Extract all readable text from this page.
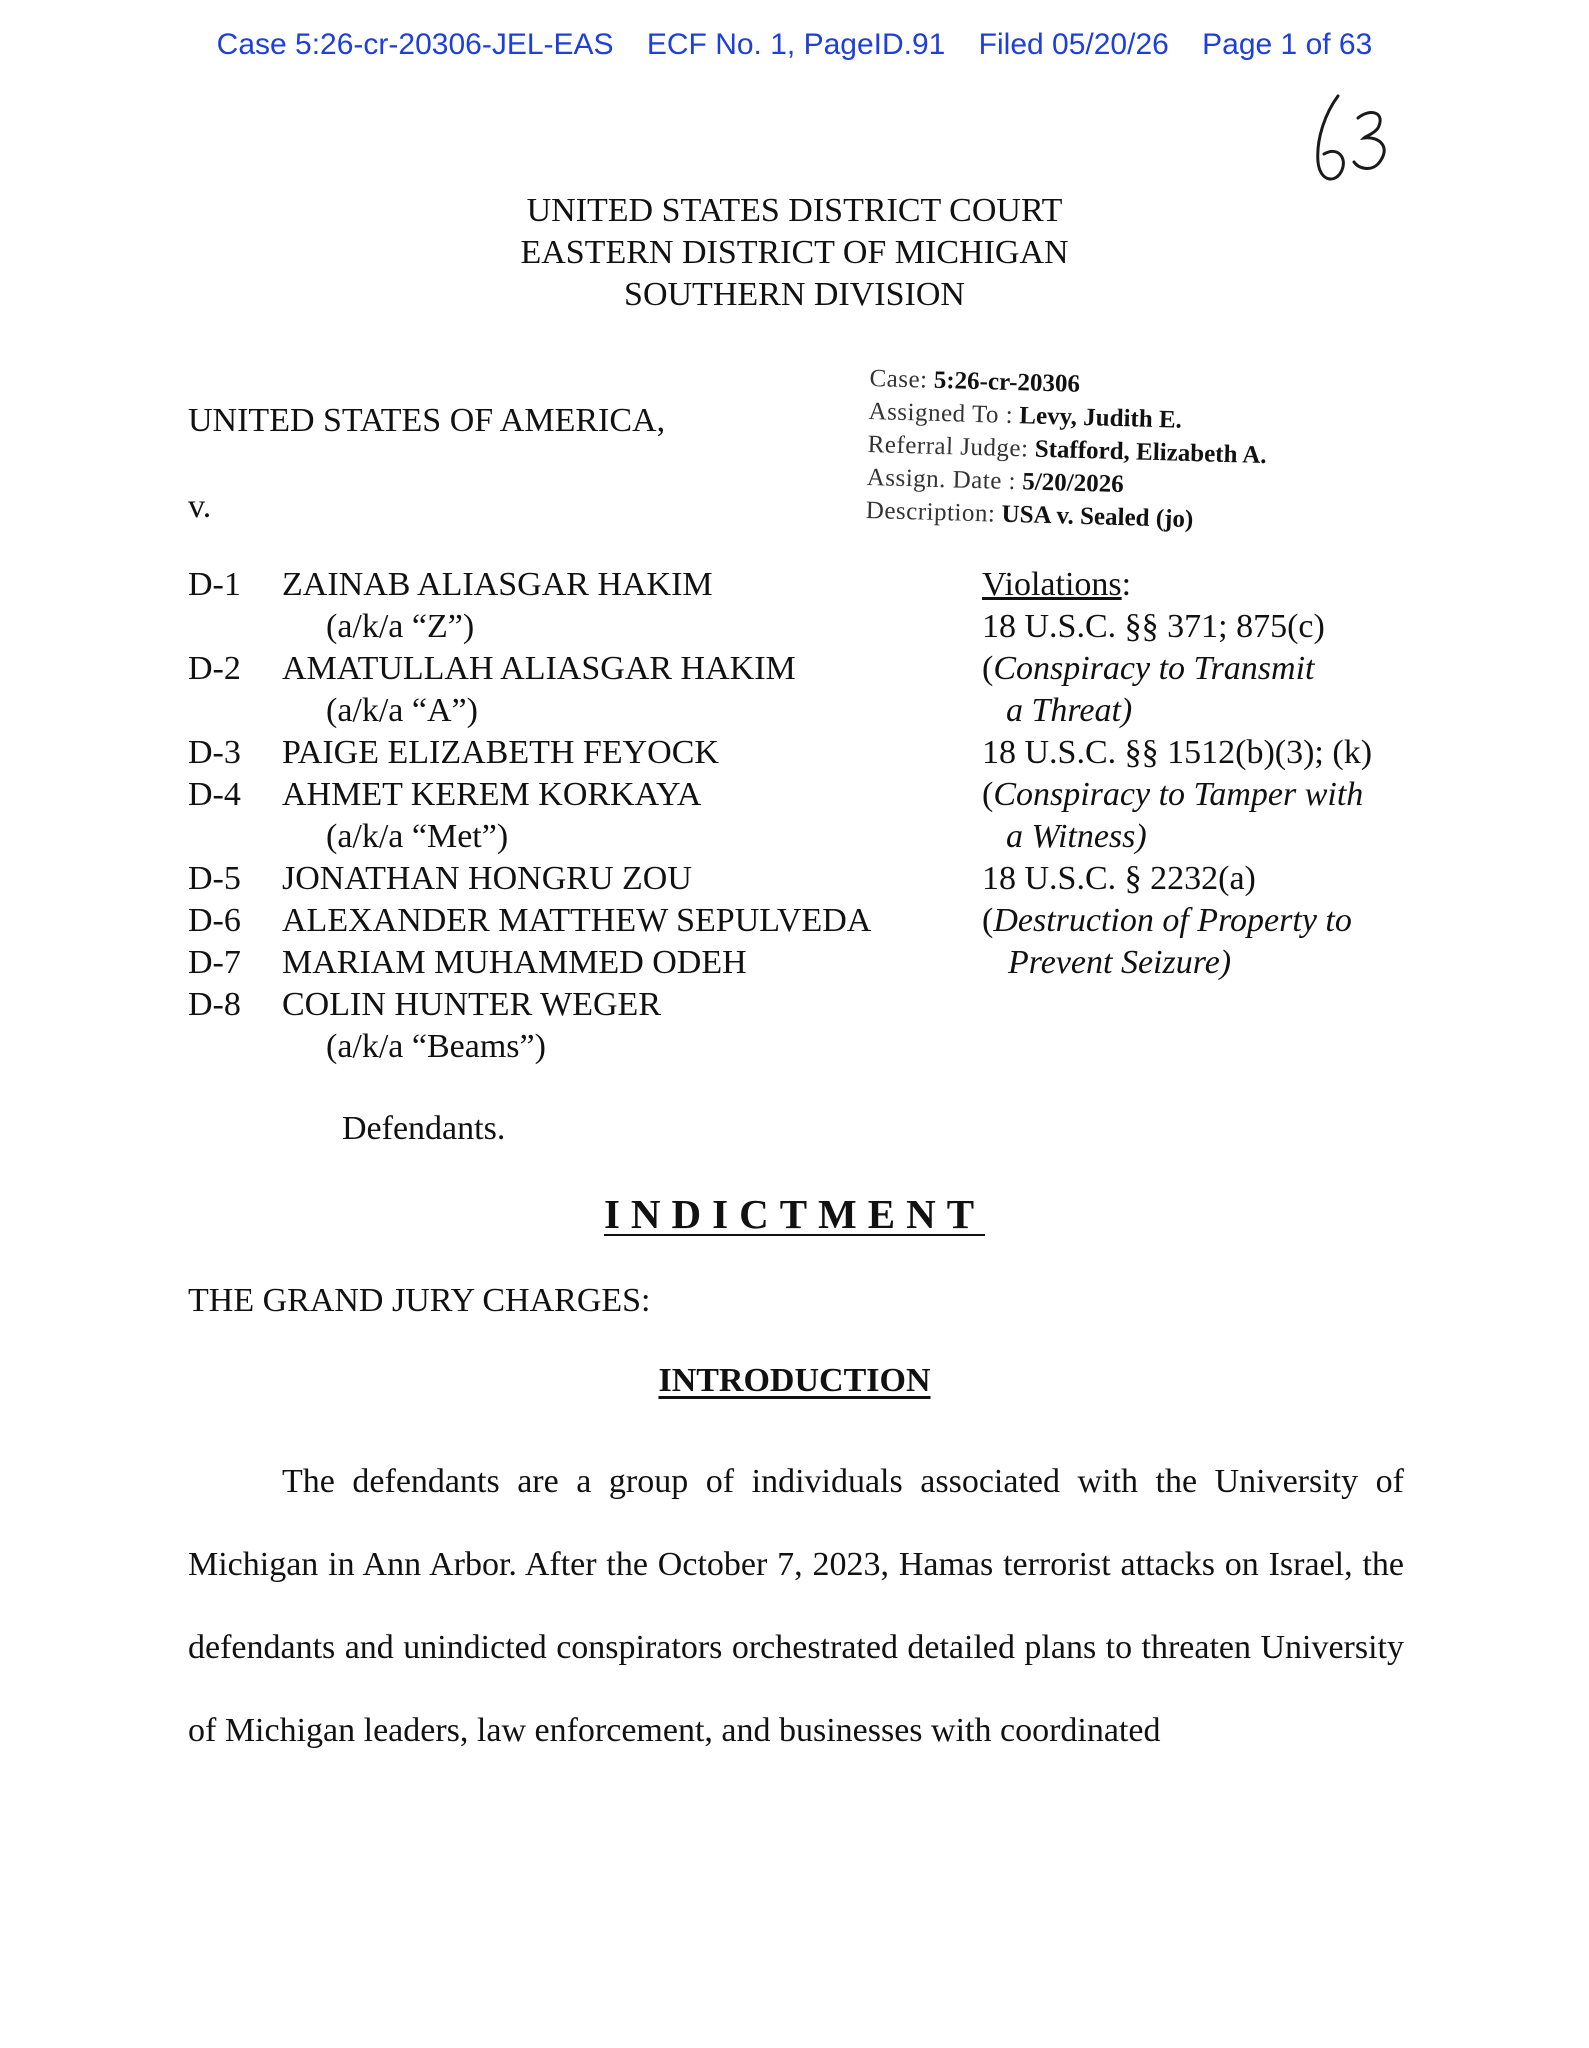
Case 5:26-cr-20306-JEL-EAS    ECF No. 1, PageID.91    Filed 05/20/26    Page 1 of 63
UNITED STATES DISTRICT COURT
EASTERN DISTRICT OF MICHIGAN
SOUTHERN DIVISION
UNITED STATES OF AMERICA,
v.
Case: 5:26-cr-20306
Assigned To : Levy, Judith E.
Referral Judge: Stafford, Elizabeth A.
Assign. Date : 5/20/2026
Description: USA v. Sealed (jo)
D-1	ZAINAB ALIASGAR HAKIM
(a/k/a “Z”)
D-2	AMATULLAH ALIASGAR HAKIM
(a/k/a “A”)
D-3	PAIGE ELIZABETH FEYOCK
D-4	AHMET KEREM KORKAYA
(a/k/a “Met”)
D-5	JONATHAN HONGRU ZOU
D-6	ALEXANDER MATTHEW SEPULVEDA
D-7	MARIAM MUHAMMED ODEH
D-8	COLIN HUNTER WEGER
(a/k/a “Beams”)
Violations:
18 U.S.C. §§ 371; 875(c)
(Conspiracy to Transmit
a Threat)
18 U.S.C. §§ 1512(b)(3); (k)
(Conspiracy to Tamper with
a Witness)
18 U.S.C. § 2232(a)
(Destruction of Property to
Prevent Seizure)
Defendants.
INDICTMENT
THE GRAND JURY CHARGES:
INTRODUCTION

The defendants are a group of individuals associated with the University of Michigan in Ann Arbor. After the October 7, 2023, Hamas terrorist attacks on Israel, the defendants and unindicted conspirators orchestrated detailed plans to threaten University of Michigan leaders, law enforcement, and businesses with coordinated
